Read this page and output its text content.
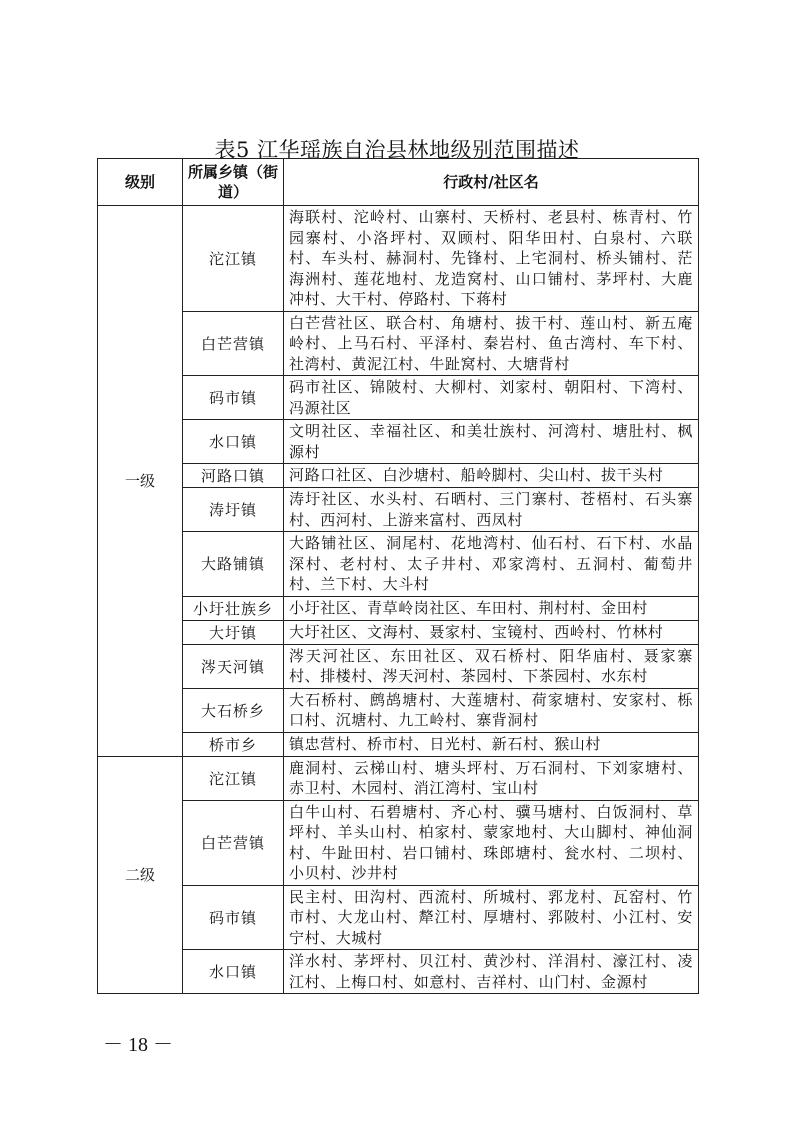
表5 江华瑶族自治县林地级别范围描述
级别	所属乡镇（街道）	行政村/社区名
一级	沱江镇	海联村、沱岭村、山寨村、天桥村、老县村、栋青村、竹园寨村、小洛坪村、双顾村、阳华田村、白泉村、六联村、车头村、赫洞村、先锋村、上宅洞村、桥头铺村、茫海洲村、莲花地村、龙造窝村、山口铺村、茅坪村、大鹿冲村、大干村、停路村、下蒋村
	白芒营镇	白芒营社区、联合村、角塘村、拔干村、莲山村、新五庵岭村、上马石村、平泽村、秦岩村、鱼古湾村、车下村、社湾村、黄泥江村、牛趾窝村、大塘背村
	码市镇	码市社区、锦陂村、大柳村、刘家村、朝阳村、下湾村、冯源社区
	水口镇	文明社区、幸福社区、和美壮族村、河湾村、塘肚村、枫源村
	河路口镇	河路口社区、白沙塘村、船岭脚村、尖山村、拔干头村
	涛圩镇	涛圩社区、水头村、石晒村、三门寨村、苍梧村、石头寨村、西河村、上游来富村、西凤村
	大路铺镇	大路铺社区、洞尾村、花地湾村、仙石村、石下村、水晶深村、老村村、太子井村、邓家湾村、五洞村、葡萄井村、兰下村、大斗村
	小圩壮族乡	小圩社区、青草岭岗社区、车田村、荆村村、金田村
	大圩镇	大圩社区、文海村、聂家村、宝镜村、西岭村、竹林村
	涔天河镇	涔天河社区、东田社区、双石桥村、阳华庙村、聂家寨村、排楼村、涔天河村、茶园村、下茶园村、水东村
	大石桥乡	大石桥村、鹧鸪塘村、大莲塘村、荷家塘村、安家村、栎口村、沉塘村、九工岭村、寨背洞村
	桥市乡	镇忠营村、桥市村、日光村、新石村、猴山村
二级	沱江镇	鹿洞村、云梯山村、塘头坪村、万石洞村、下刘家塘村、赤卫村、木园村、消江湾村、宝山村
	白芒营镇	白牛山村、石碧塘村、齐心村、骥马塘村、白饭洞村、草坪村、羊头山村、柏家村、蒙家地村、大山脚村、神仙洞村、牛趾田村、岩口铺村、珠郎塘村、瓮水村、二坝村、小贝村、沙井村
	码市镇	民主村、田沟村、西流村、所城村、郛龙村、瓦窑村、竹市村、大龙山村、犛江村、厚塘村、郛陂村、小江村、安宁村、大城村
	水口镇	洋水村、茅坪村、贝江村、黄沙村、洋涓村、濠江村、凌江村、上梅口村、如意村、吉祥村、山门村、金源村
－ 18 －
